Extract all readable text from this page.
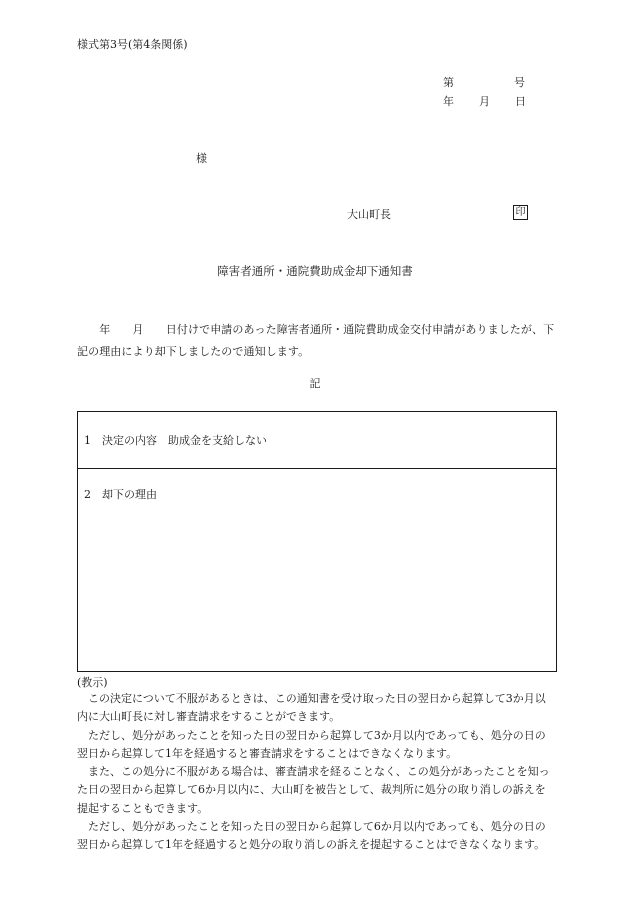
様式第3号(第4条関係)
第	号
年 月 日
様
大山町長	印
障害者通所・通院費助成金却下通知書

　　年　　月　　日付けで申請のあった障害者通所・通院費助成金交付申請がありましたが、下記の理由により却下しましたので通知します。

記
1　決定の内容　助成金を支給しない
2　却下の理由
(教示)

この決定について不服があるときは、この通知書を受け取った日の翌日から起算して3か月以内に大山町長に対し審査請求をすることができます。

ただし、処分があったことを知った日の翌日から起算して3か月以内であっても、処分の日の翌日から起算して1年を経過すると審査請求をすることはできなくなります。

また、この処分に不服がある場合は、審査請求を経ることなく、この処分があったことを知った日の翌日から起算して6か月以内に、大山町を被告として、裁判所に処分の取り消しの訴えを提起することもできます。

ただし、処分があったことを知った日の翌日から起算して6か月以内であっても、処分の日の翌日から起算して1年を経過すると処分の取り消しの訴えを提起することはできなくなります。
